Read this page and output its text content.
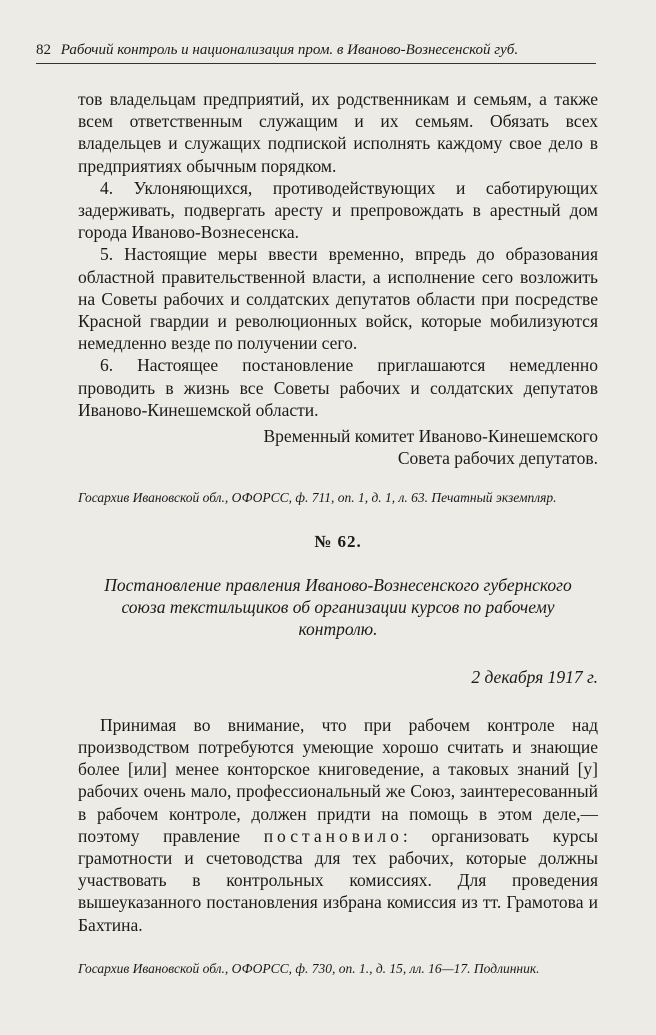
82 Рабочий контроль и национализация пром. в Иваново-Вознесенской губ.

тов владельцам предприятий, их родственникам и семьям, а также всем ответственным служащим и их семьям. Обязать всех владельцев и служащих подпиской исполнять каждому свое дело в предприятиях обычным порядком.

4. Уклоняющихся, противодействующих и саботирующих задерживать, подвергать аресту и препровождать в арестный дом города Иваново-Вознесенска.

5. Настоящие меры ввести временно, впредь до образования областной правительственной власти, а исполнение сего возложить на Советы рабочих и солдатских депутатов области при посредстве Красной гвардии и революционных войск, которые мобилизуются немедленно везде по получении сего.

6. Настоящее постановление приглашаются немедленно проводить в жизнь все Советы рабочих и солдатских депутатов Иваново-Кинешемской области.

Временный комитет Иваново-Кинешемского
Совета рабочих депутатов.

Госархив Ивановской обл., ОФОРСС, ф. 711, оп. 1, д. 1, л. 63. Печатный экземпляр.

№ 62.

Постановление правления Иваново-Вознесенского губернского союза текстильщиков об организации курсов по рабочему контролю.

2 декабря 1917 г.

Принимая во внимание, что при рабочем контроле над производством потребуются умеющие хорошо считать и знающие более [или] менее конторское книговедение, а таковых знаний [у] рабочих очень мало, профессиональный же Союз, заинтересованный в рабочем контроле, должен придти на помощь в этом деле,— поэтому правление постановило: организовать курсы грамотности и счетоводства для тех рабочих, которые должны участвовать в контрольных комиссиях. Для проведения вышеуказанного постановления избрана комиссия из тт. Грамотова и Бахтина.

Госархив Ивановской обл., ОФОРСС, ф. 730, оп. 1., д. 15, лл. 16—17. Подлинник.
